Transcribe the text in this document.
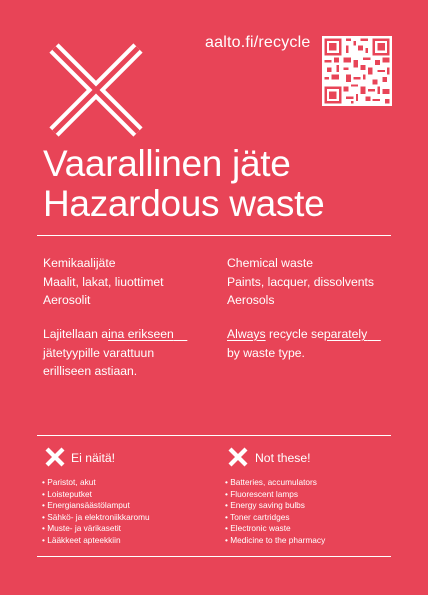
aalto.fi/recycle
Vaarallinen jäte
Hazardous waste
Kemikaalijäte
Maalit, lakat, liuottimet
Aerosolit
Lajitellaan aina erikseen
jätetyypille varattuun
erilliseen astiaan.
Chemical waste
Paints, lacquer, dissolvents
Aerosols
Always recycle separately
by waste type.
Ei näitä!
• Paristot, akut
• Loisteputket
• Energiansäästölamput
• Sähkö- ja elektroniikkaromu
• Muste- ja värikasetit
• Lääkkeet apteekkiin
Not these!
• Batteries, accumulators
• Fluorescent lamps
• Energy saving bulbs
• Toner cartridges
• Electronic waste
• Medicine to the pharmacy
